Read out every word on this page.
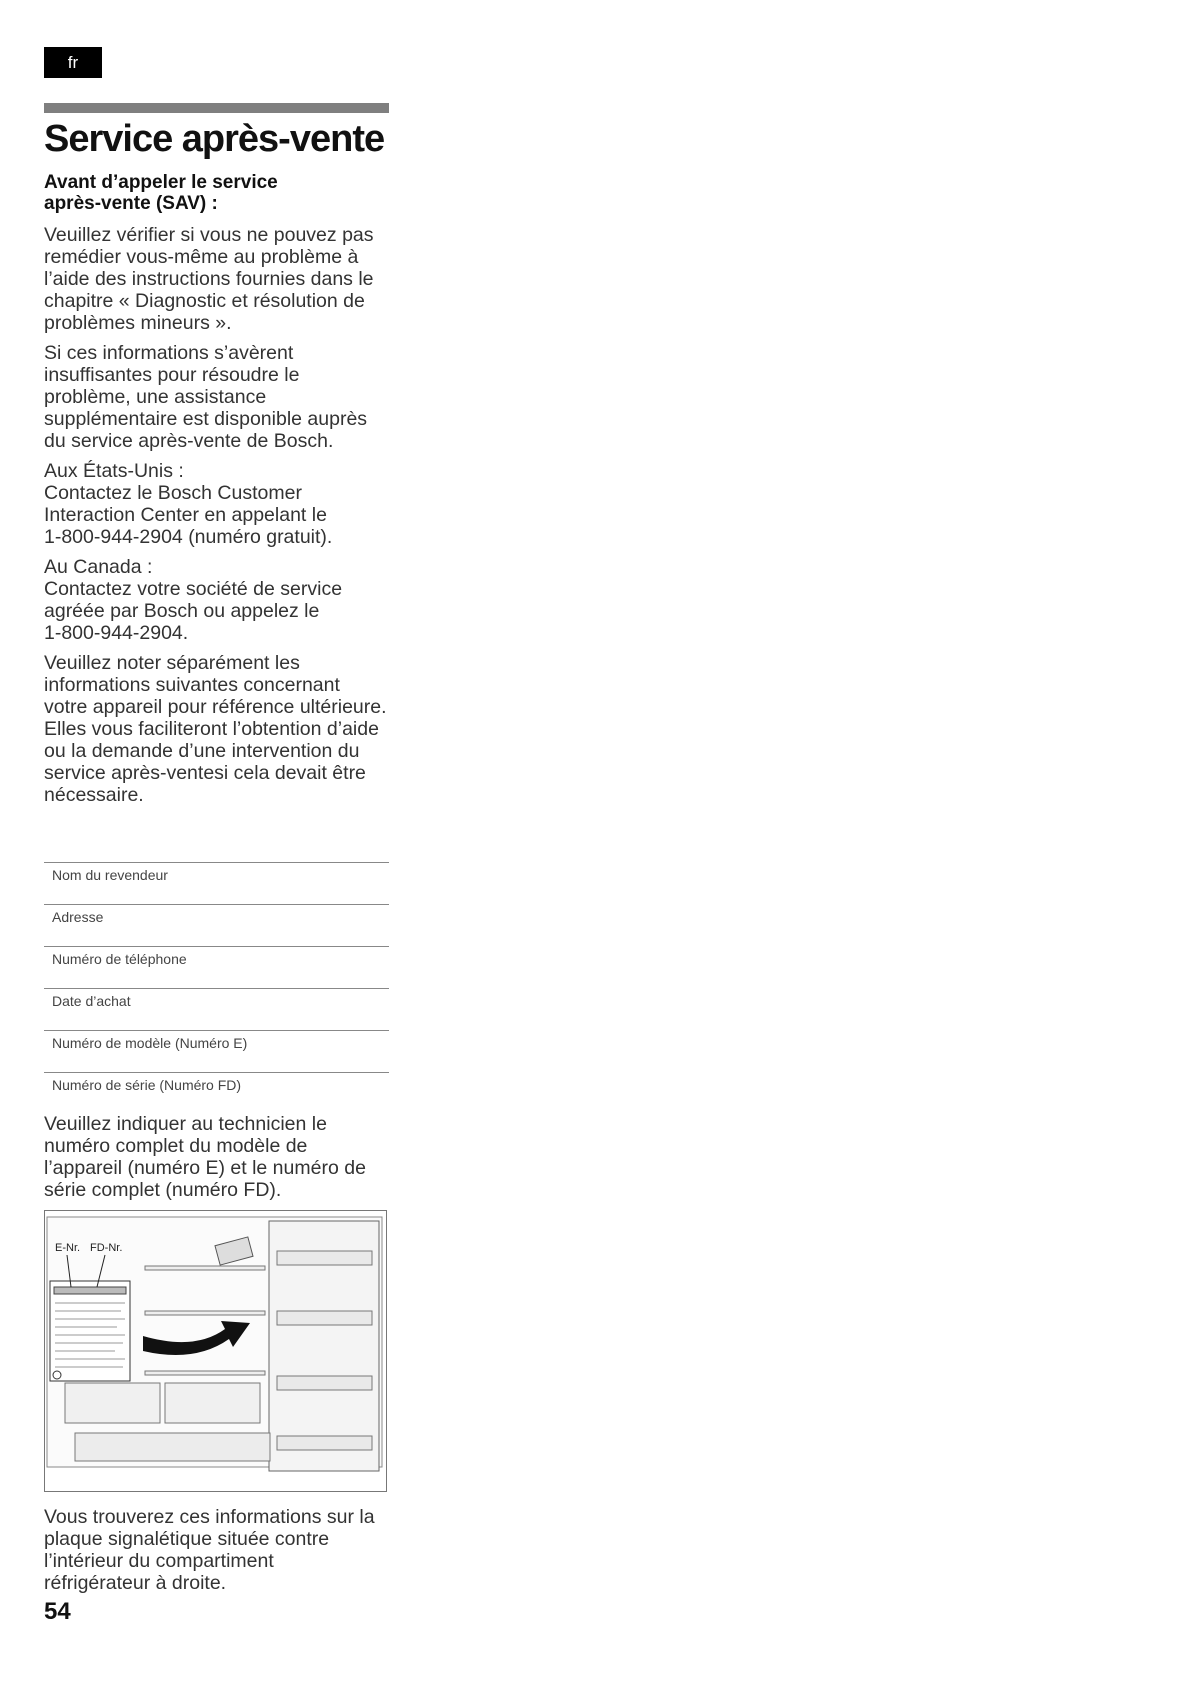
fr
Service après-vente
Avant d’appeler le service
après-vente (SAV) :

Veuillez vérifier si vous ne pouvez pas
remédier vous-même au problème à
l’aide des instructions fournies dans le
chapitre « Diagnostic et résolution de
problèmes mineurs ».

Si ces informations s’avèrent
insuffisantes pour résoudre le
problème, une assistance
supplémentaire est disponible auprès
du service après-vente de Bosch.

Aux États-Unis :
Contactez le Bosch Customer
Interaction Center en appelant le
1-800-944-2904 (numéro gratuit).

Au Canada :
Contactez votre société de service
agréée par Bosch ou appelez le
1-800-944-2904.

Veuillez noter séparément les
informations suivantes concernant
votre appareil pour référence ultérieure.
Elles vous faciliteront l’obtention d’aide
ou la demande d’une intervention du
service après-ventesi cela devait être
nécessaire.

Nom du revendeur
Adresse
Numéro de téléphone
Date d’achat
Numéro de modèle (Numéro E)
Numéro de série (Numéro FD)

Veuillez indiquer au technicien le
numéro complet du modèle de
l’appareil (numéro E) et le numéro de
série complet (numéro FD).

E-Nr. FD-Nr.

Vous trouverez ces informations sur la
plaque signalétique située contre
l’intérieur du compartiment
réfrigérateur à droite.

54
